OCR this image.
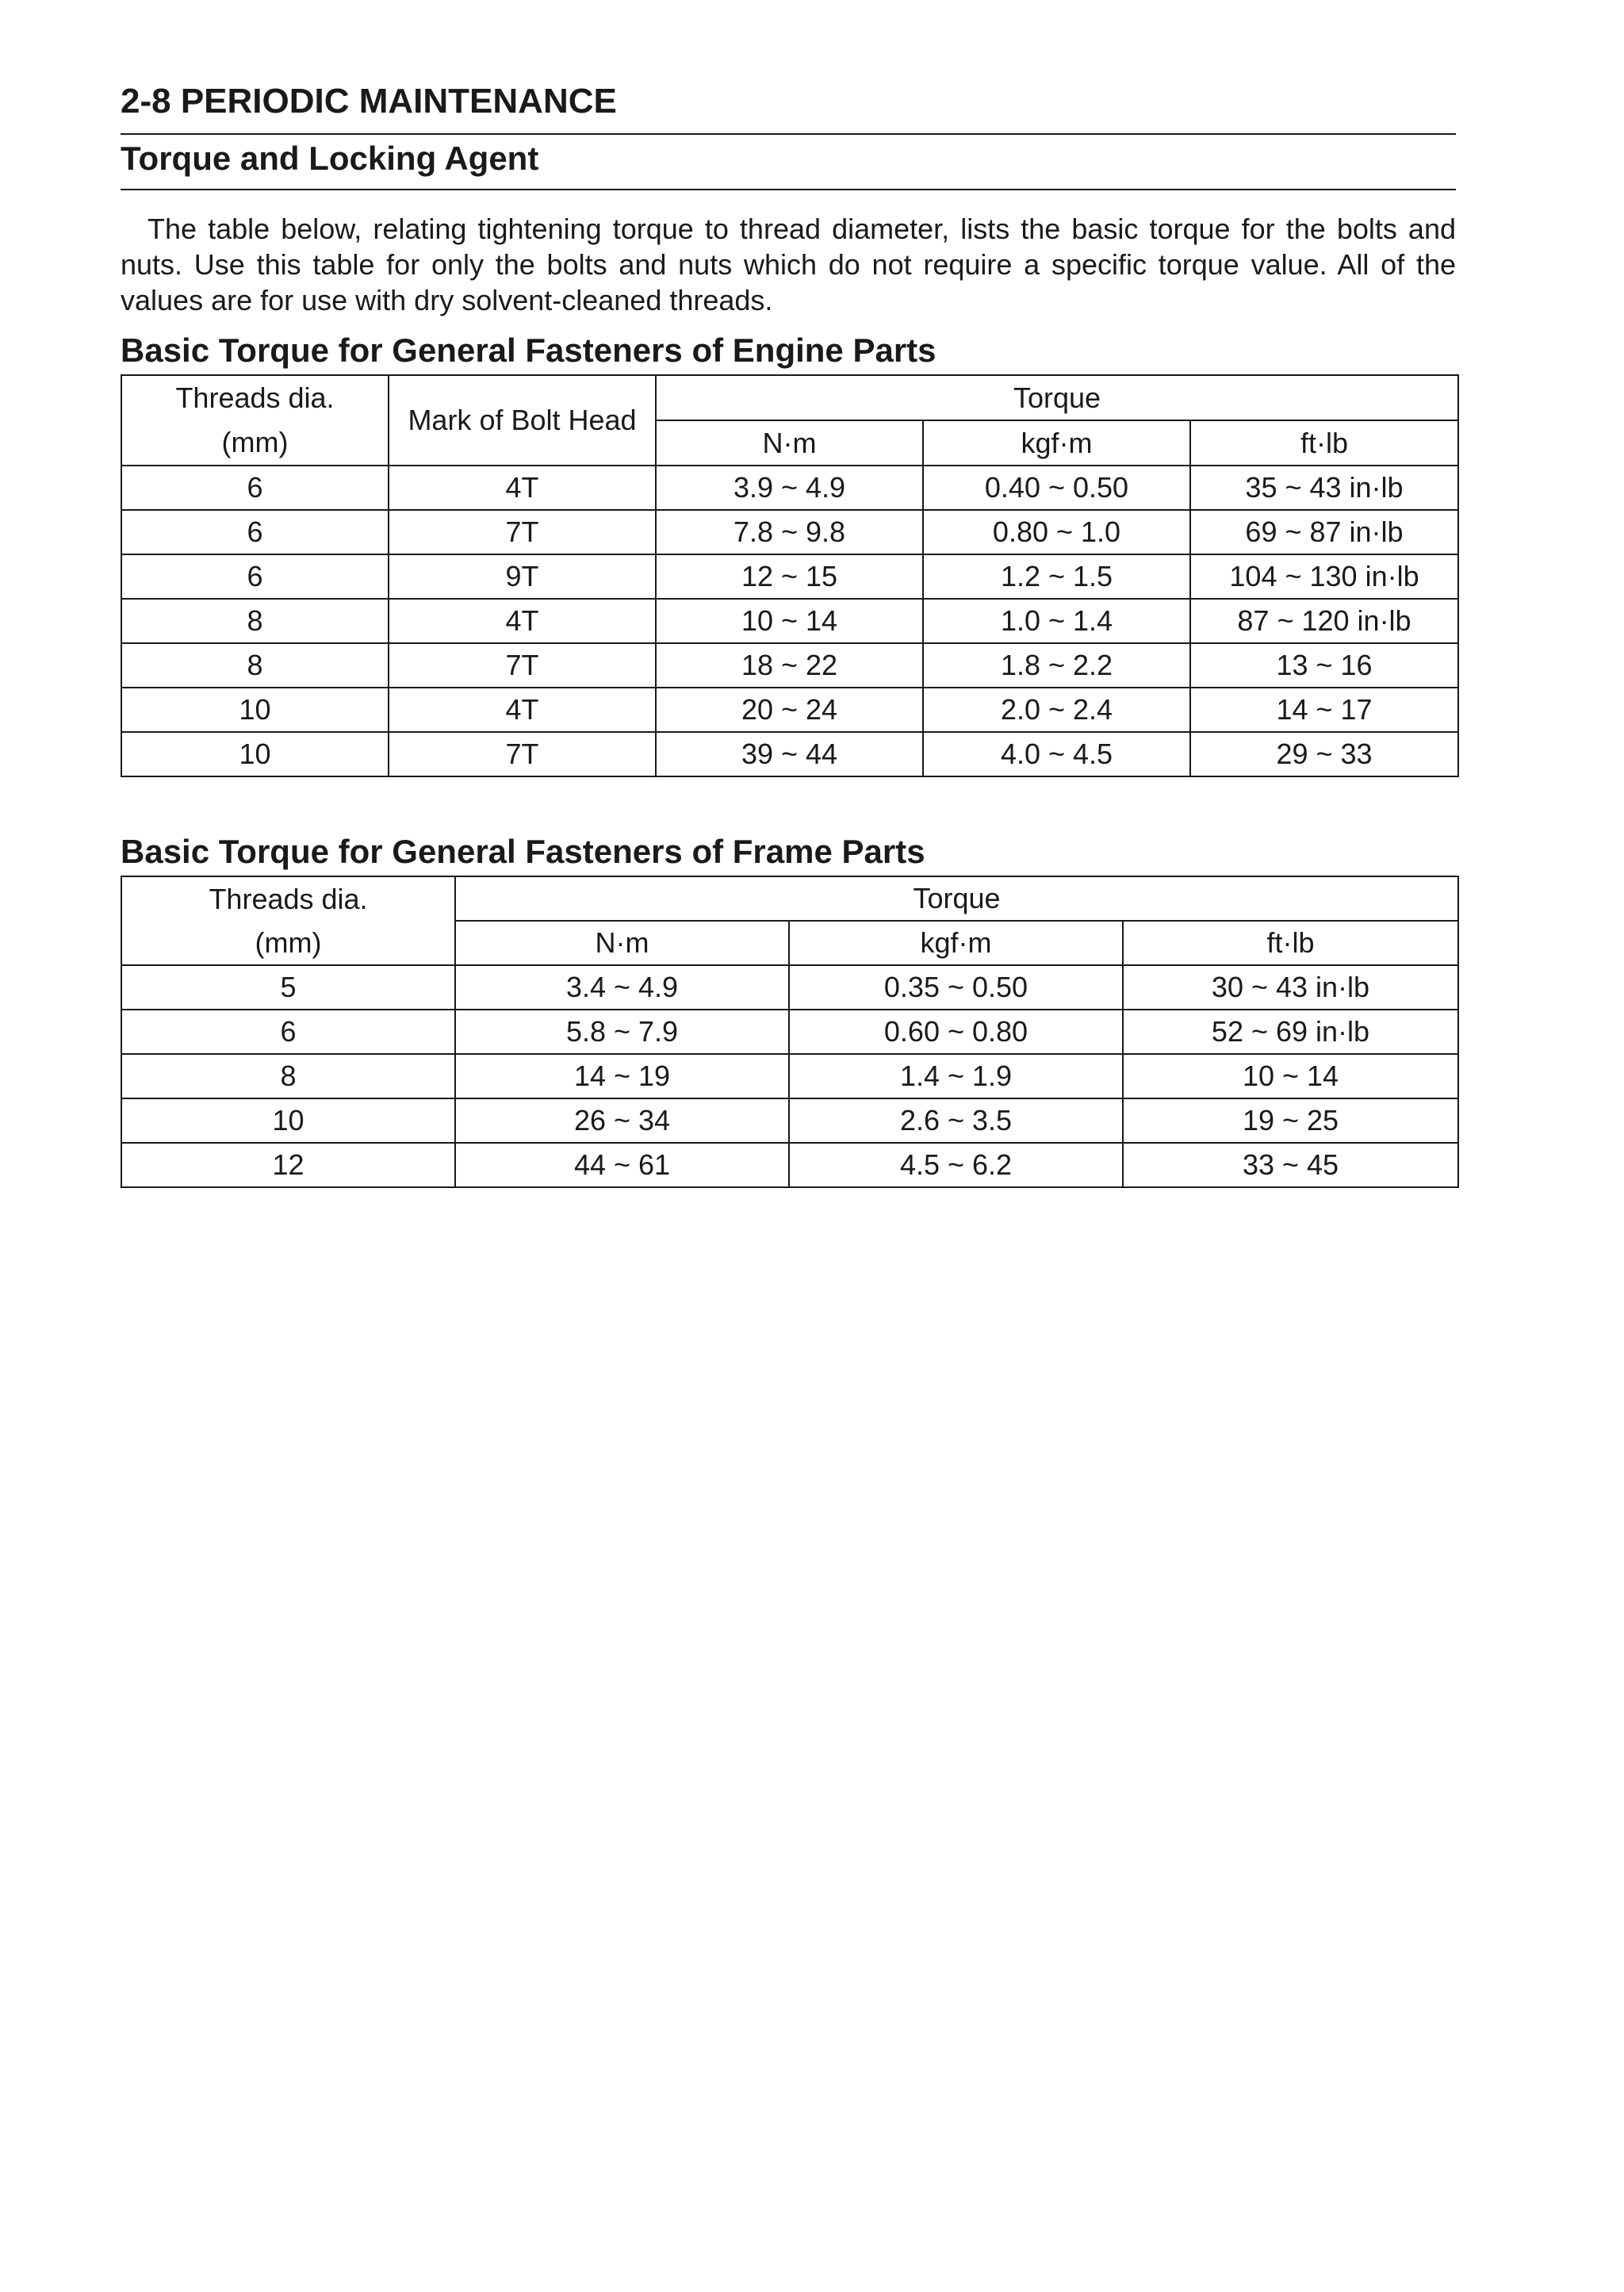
2-8 PERIODIC MAINTENANCE
Torque and Locking Agent

The table below, relating tightening torque to thread diameter, lists the basic torque for the bolts and
nuts. Use this table for only the bolts and nuts which do not require a specific torque value. All of the
values are for use with dry solvent-cleaned threads.

Basic Torque for General Fasteners of Engine Parts
Threads dia.
(mm)	Mark of Bolt Head	Torque		
		N·m	kgf·m	ft·lb
6	4T	3.9 ~ 4.9	0.40 ~ 0.50	35 ~ 43 in·lb
6	7T	7.8 ~ 9.8	0.80 ~ 1.0	69 ~ 87 in·lb
6	9T	12 ~ 15	1.2 ~ 1.5	104 ~ 130 in·lb
8	4T	10 ~ 14	1.0 ~ 1.4	87 ~ 120 in·lb
8	7T	18 ~ 22	1.8 ~ 2.2	13 ~ 16
10	4T	20 ~ 24	2.0 ~ 2.4	14 ~ 17
10	7T	39 ~ 44	4.0 ~ 4.5	29 ~ 33
Basic Torque for General Fasteners of Frame Parts
Threads dia.	Torque		
(mm)	N·m	kgf·m	ft·lb
5	3.4 ~ 4.9	0.35 ~ 0.50	30 ~ 43 in·lb
6	5.8 ~ 7.9	0.60 ~ 0.80	52 ~ 69 in·lb
8	14 ~ 19	1.4 ~ 1.9	10 ~ 14
10	26 ~ 34	2.6 ~ 3.5	19 ~ 25
12	44 ~ 61	4.5 ~ 6.2	33 ~ 45
